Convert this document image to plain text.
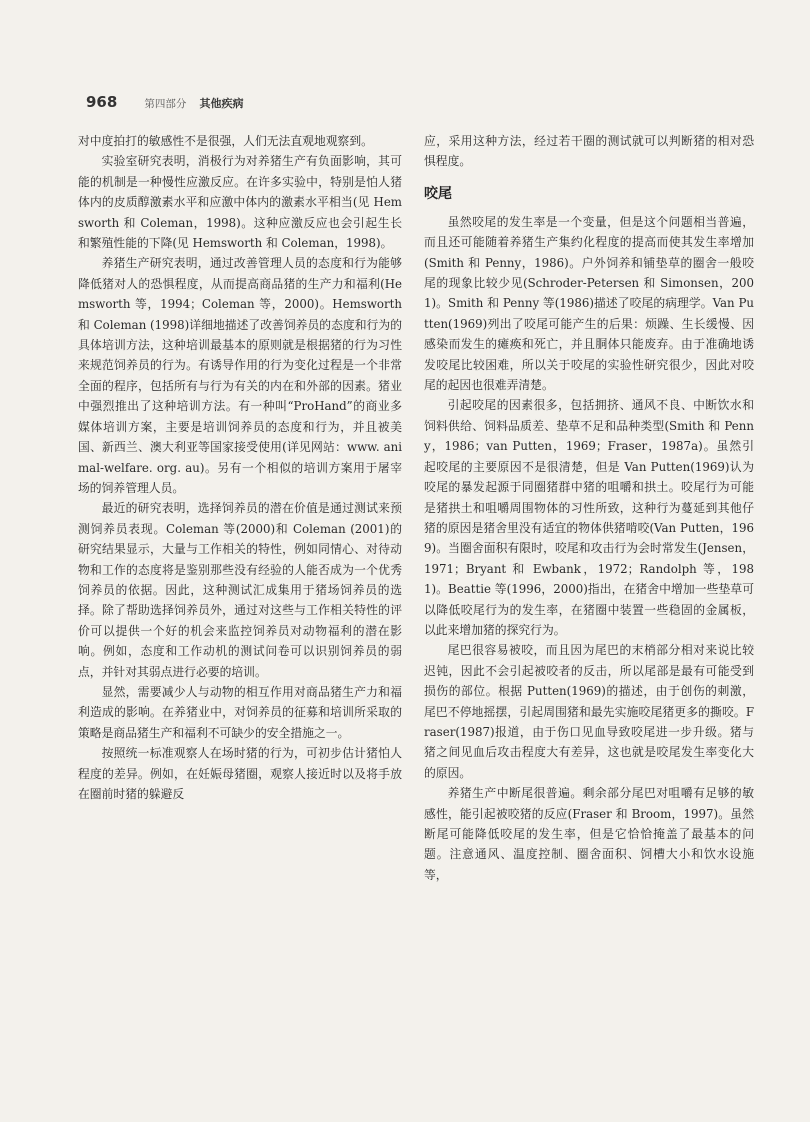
968	第四部分 其他疾病

对中度拍打的敏感性不是很强，人们无法直观地观察到。

实验室研究表明，消极行为对养猪生产有负面影响，其可能的机制是一种慢性应激反应。在许多实验中，特别是怕人猪体内的皮质醇激素水平和应激中体内的激素水平相当(见 Hemsworth 和 Coleman，1998)。这种应激反应也会引起生长和繁殖性能的下降(见 Hemsworth 和 Coleman，1998)。

养猪生产研究表明，通过改善管理人员的态度和行为能够降低猪对人的恐惧程度，从而提高商品猪的生产力和福利(Hemsworth 等，1994；Coleman 等，2000)。Hemsworth 和 Coleman (1998)详细地描述了改善饲养员的态度和行为的具体培训方法，这种培训最基本的原则就是根据猪的行为习性来规范饲养员的行为。有诱导作用的行为变化过程是一个非常全面的程序，包括所有与行为有关的内在和外部的因素。猪业中强烈推出了这种培训方法。有一种叫“ProHand”的商业多媒体培训方案，主要是培训饲养员的态度和行为，并且被美国、新西兰、澳大利亚等国家接受使用(详见网站：www. animal-welfare. org. au)。另有一个相似的培训方案用于屠宰场的饲养管理人员。

最近的研究表明，选择饲养员的潜在价值是通过测试来预测饲养员表现。Coleman 等(2000)和 Coleman (2001)的研究结果显示，大量与工作相关的特性，例如同情心、对待动物和工作的态度将是鉴别那些没有经验的人能否成为一个优秀饲养员的依据。因此，这种测试汇成集用于猪场饲养员的选择。除了帮助选择饲养员外，通过对这些与工作相关特性的评价可以提供一个好的机会来监控饲养员对动物福利的潜在影响。例如，态度和工作动机的测试问卷可以识别饲养员的弱点，并针对其弱点进行必要的培训。

显然，需要减少人与动物的相互作用对商品猪生产力和福利造成的影响。在养猪业中，对饲养员的征募和培训所采取的策略是商品猪生产和福利不可缺少的安全措施之一。

按照统一标准观察人在场时猪的行为，可初步估计猪怕人程度的差异。例如，在妊娠母猪圈，观察人接近时以及将手放在圈前时猪的躲避反

应，采用这种方法，经过若干圈的测试就可以判断猪的相对恐惧程度。

咬尾

虽然咬尾的发生率是一个变量，但是这个问题相当普遍，而且还可能随着养猪生产集约化程度的提高而使其发生率增加(Smith 和 Penny，1986)。户外饲养和铺垫草的圈舍一般咬尾的现象比较少见(Schroder-Petersen 和 Simonsen，2001)。Smith 和 Penny 等(1986)描述了咬尾的病理学。Van Putten(1969)列出了咬尾可能产生的后果：烦躁、生长缓慢、因感染而发生的瘫痪和死亡，并且胴体只能废弃。由于准确地诱发咬尾比较困难，所以关于咬尾的实验性研究很少，因此对咬尾的起因也很难弄清楚。

引起咬尾的因素很多，包括拥挤、通风不良、中断饮水和饲料供给、饲料品质差、垫草不足和品种类型(Smith 和 Penny，1986；van Putten，1969；Fraser，1987a)。虽然引起咬尾的主要原因不是很清楚，但是 Van Putten(1969)认为咬尾的暴发起源于同圈猪群中猪的咀嚼和拱土。咬尾行为可能是猪拱土和咀嚼周围物体的习性所致，这种行为蔓延到其他仔猪的原因是猪舍里没有适宜的物体供猪啃咬(Van Putten，1969)。当圈舍面积有限时，咬尾和攻击行为会时常发生(Jensen，1971；Bryant 和 Ewbank，1972；Randolph 等，1981)。Beattie 等(1996，2000)指出，在猪舍中增加一些垫草可以降低咬尾行为的发生率，在猪圈中装置一些稳固的金属板，以此来增加猪的探究行为。

尾巴很容易被咬，而且因为尾巴的末梢部分相对来说比较迟钝，因此不会引起被咬者的反击，所以尾部是最有可能受到损伤的部位。根据 Putten(1969)的描述，由于创伤的刺激，尾巴不停地摇摆，引起周围猪和最先实施咬尾猪更多的撕咬。Fraser(1987)报道，由于伤口见血导致咬尾进一步升级。猪与猪之间见血后攻击程度大有差异，这也就是咬尾发生率变化大的原因。

养猪生产中断尾很普遍。剩余部分尾巴对咀嚼有足够的敏感性，能引起被咬猪的反应(Fraser 和 Broom，1997)。虽然断尾可能降低咬尾的发生率，但是它恰恰掩盖了最基本的问题。注意通风、温度控制、圈舍面积、饲槽大小和饮水设施等，
